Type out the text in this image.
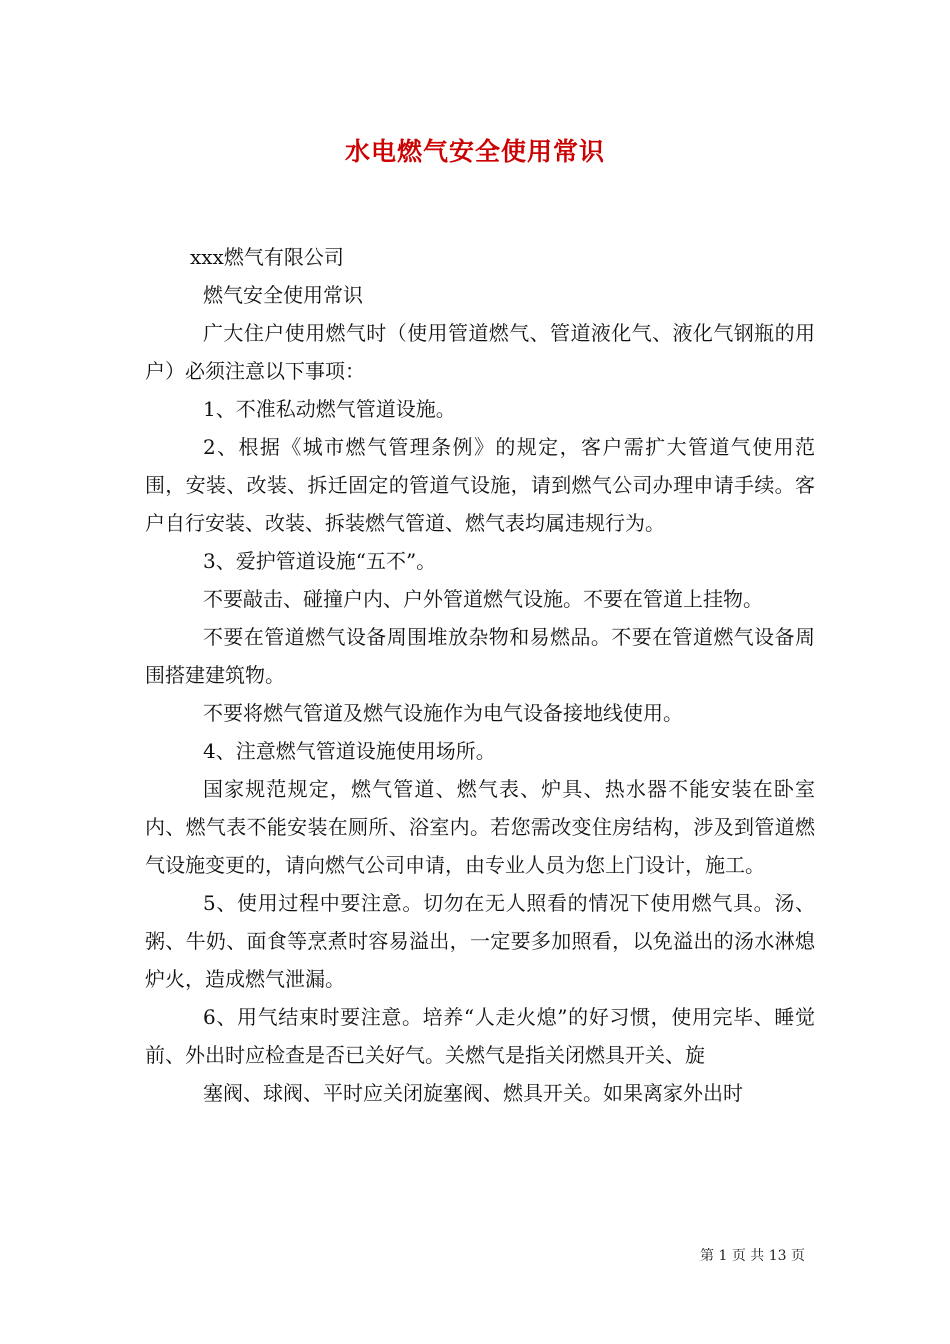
水电燃气安全使用常识

xxx燃气有限公司

燃气安全使用常识

广大住户使用燃气时（使用管道燃气、管道液化气、液化气钢瓶的用户）必须注意以下事项：

1、不准私动燃气管道设施。

2、根据《城市燃气管理条例》的规定，客户需扩大管道气使用范围，安装、改装、拆迁固定的管道气设施，请到燃气公司办理申请手续。客户自行安装、改装、拆装燃气管道、燃气表均属违规行为。

3、爱护管道设施“五不”。

不要敲击、碰撞户内、户外管道燃气设施。不要在管道上挂物。

不要在管道燃气设备周围堆放杂物和易燃品。不要在管道燃气设备周围搭建建筑物。

不要将燃气管道及燃气设施作为电气设备接地线使用。

4、注意燃气管道设施使用场所。

国家规范规定，燃气管道、燃气表、炉具、热水器不能安装在卧室内、燃气表不能安装在厕所、浴室内。若您需改变住房结构，涉及到管道燃气设施变更的，请向燃气公司申请，由专业人员为您上门设计，施工。

5、使用过程中要注意。切勿在无人照看的情况下使用燃气具。汤、粥、牛奶、面食等烹煮时容易溢出，一定要多加照看，以免溢出的汤水淋熄炉火，造成燃气泄漏。

6、用气结束时要注意。培养“人走火熄”的好习惯，使用完毕、睡觉前、外出时应检查是否已关好气。关燃气是指关闭燃具开关、旋

塞阀、球阀、平时应关闭旋塞阀、燃具开关。如果离家外出时

第 1 页 共 13 页
